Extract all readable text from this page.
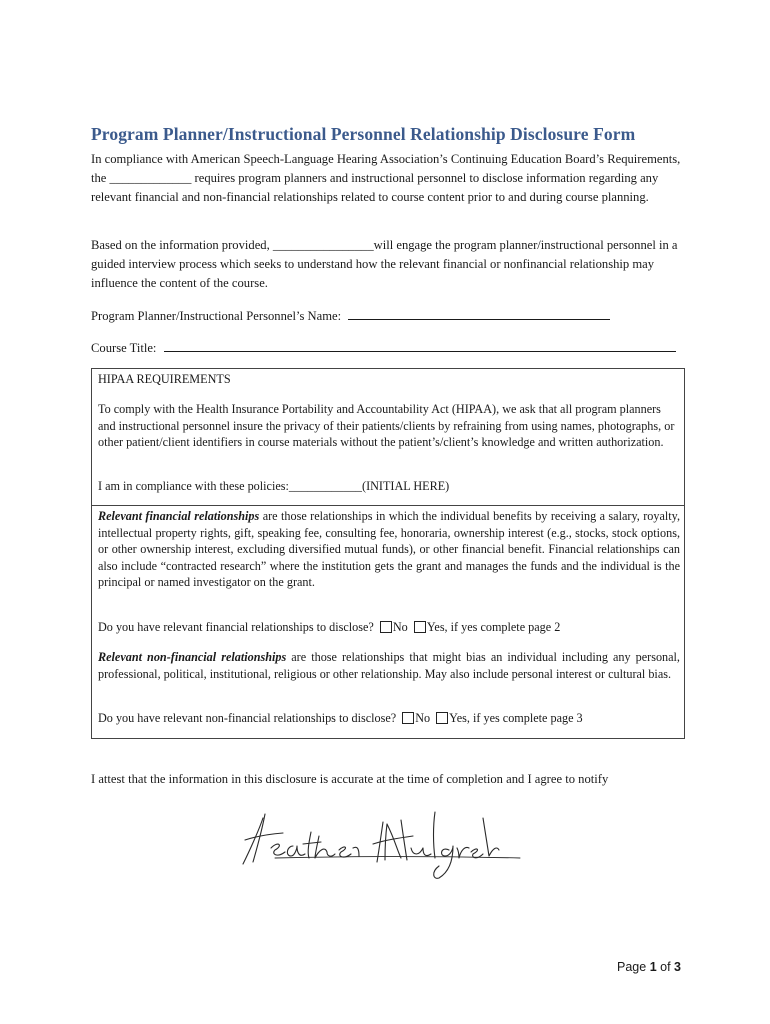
Program Planner/Instructional Personnel Relationship Disclosure Form
In compliance with American Speech-Language Hearing Association’s Continuing Education Board’s Requirements, the _____________ requires program planners and instructional personnel to disclose information regarding any relevant financial and non-financial relationships related to course content prior to and during course planning.
Based on the information provided, ________________will engage the program planner/instructional personnel in a guided interview process which seeks to understand how the relevant financial or nonfinancial relationship may influence the content of the course.
Program Planner/Instructional Personnel’s Name:
Course Title:
HIPAA REQUIREMENTS
To comply with the Health Insurance Portability and Accountability Act (HIPAA), we ask that all program planners and instructional personnel insure the privacy of their patients/clients by refraining from using names, photographs, or other patient/client identifiers in course materials without the patient’s/client’s knowledge and written authorization.
I am in compliance with these policies:____________(INITIAL HERE)
Relevant financial relationships are those relationships in which the individual benefits by receiving a salary, royalty, intellectual property rights, gift, speaking fee, consulting fee, honoraria, ownership interest (e.g., stocks, stock options, or other ownership interest, excluding diversified mutual funds), or other financial benefit. Financial relationships can also include “contracted research” where the institution gets the grant and manages the funds and the individual is the principal or named investigator on the grant.
Do you have relevant financial relationships to disclose? No Yes, if yes complete page 2
Relevant non-financial relationships are those relationships that might bias an individual including any personal, professional, political, institutional, religious or other relationship. May also include personal interest or cultural bias.
Do you have relevant non-financial relationships to disclose? No Yes, if yes complete page 3
I attest that the information in this disclosure is accurate at the time of completion and I agree to notify
Page 1 of 3
